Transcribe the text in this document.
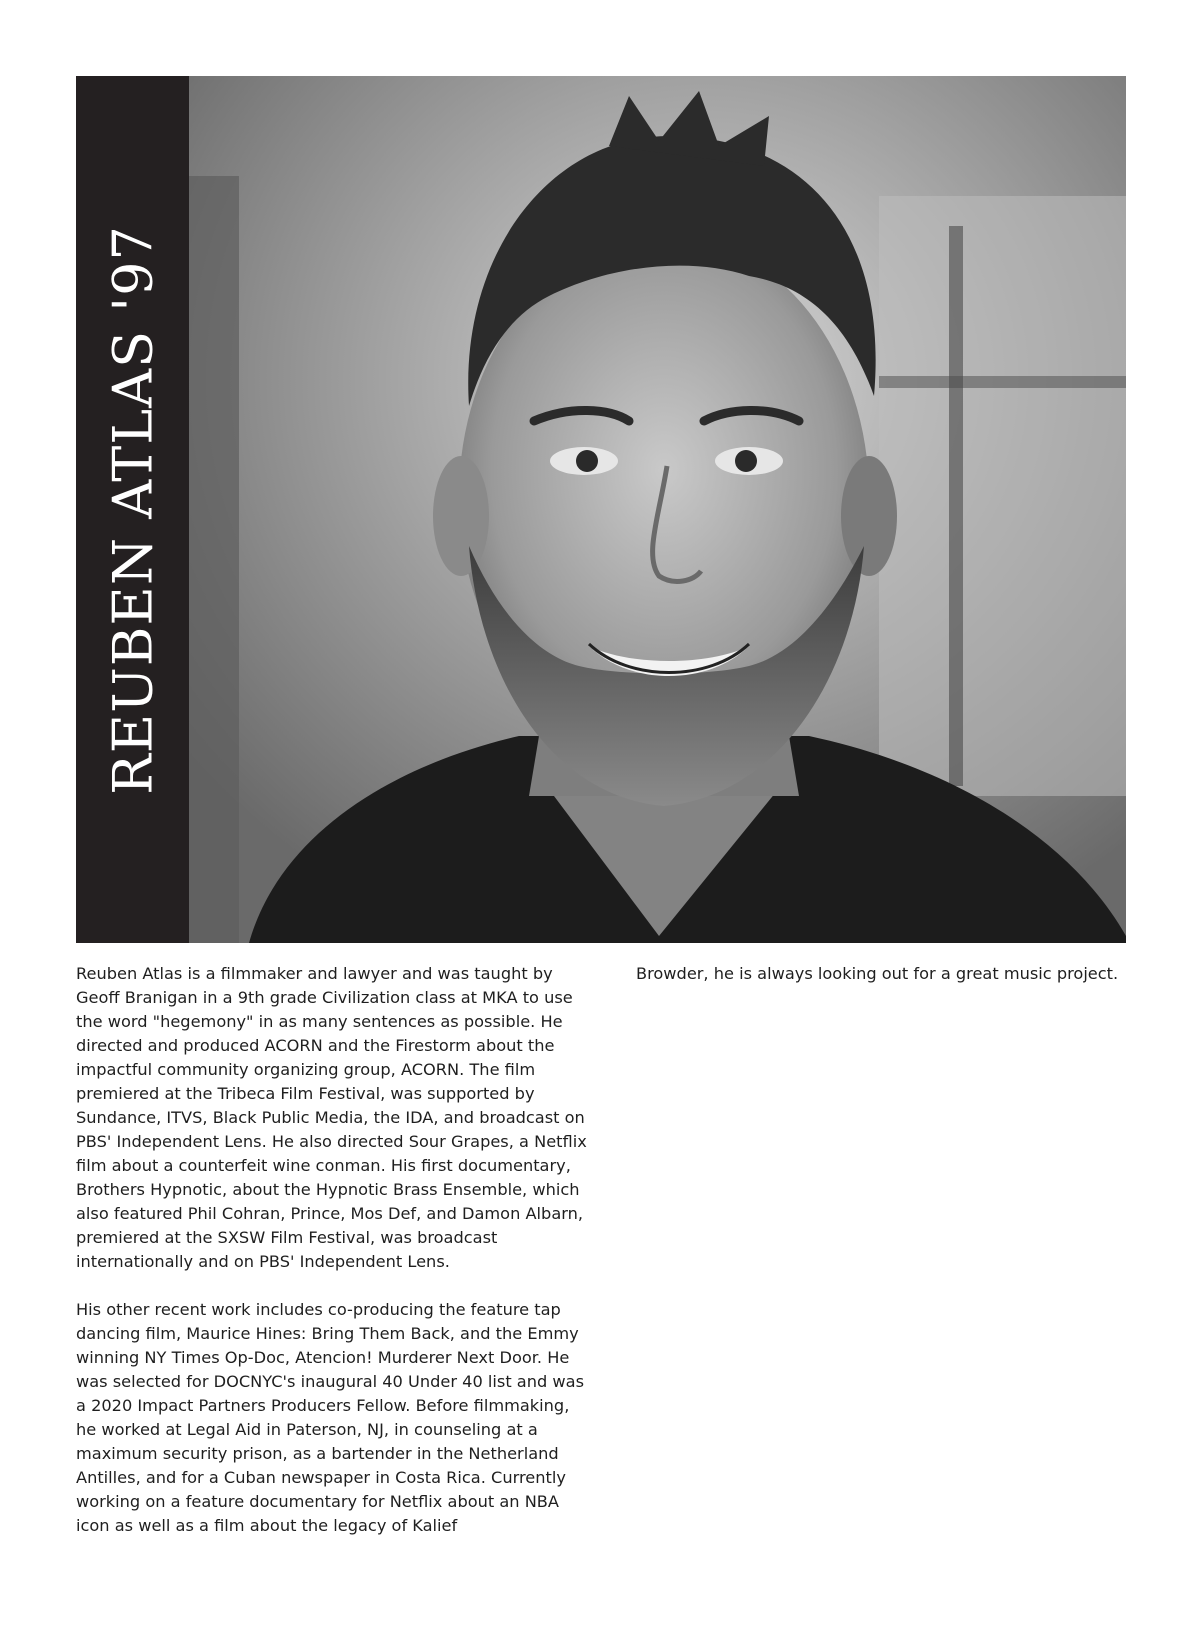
REUBEN ATLAS '97

Reuben Atlas is a filmmaker and lawyer and was taught by Geoff Branigan in a 9th grade Civilization class at MKA to use the word "hegemony" in as many sentences as possible. He directed and produced ACORN and the Firestorm about the impactful community organizing group, ACORN. The film premiered at the Tribeca Film Festival, was supported by Sundance, ITVS, Black Public Media, the IDA, and broadcast on PBS' Independent Lens. He also directed Sour Grapes, a Netflix film about a counterfeit wine conman. His first documentary, Brothers Hypnotic, about the Hypnotic Brass Ensemble, which also featured Phil Cohran, Prince, Mos Def, and Damon Albarn, premiered at the SXSW Film Festival, was broadcast internationally and on PBS' Independent Lens.

His other recent work includes co-producing the feature tap dancing film, Maurice Hines: Bring Them Back, and the Emmy winning NY Times Op-Doc, Atencion! Murderer Next Door. He was selected for DOCNYC's inaugural 40 Under 40 list and was a 2020 Impact Partners Producers Fellow. Before filmmaking, he worked at Legal Aid in Paterson, NJ, in counseling at a maximum security prison, as a bartender in the Netherland Antilles, and for a Cuban newspaper in Costa Rica. Currently working on a feature documentary for Netflix about an NBA icon as well as a film about the legacy of Kalief

Browder, he is always looking out for a great music project.
